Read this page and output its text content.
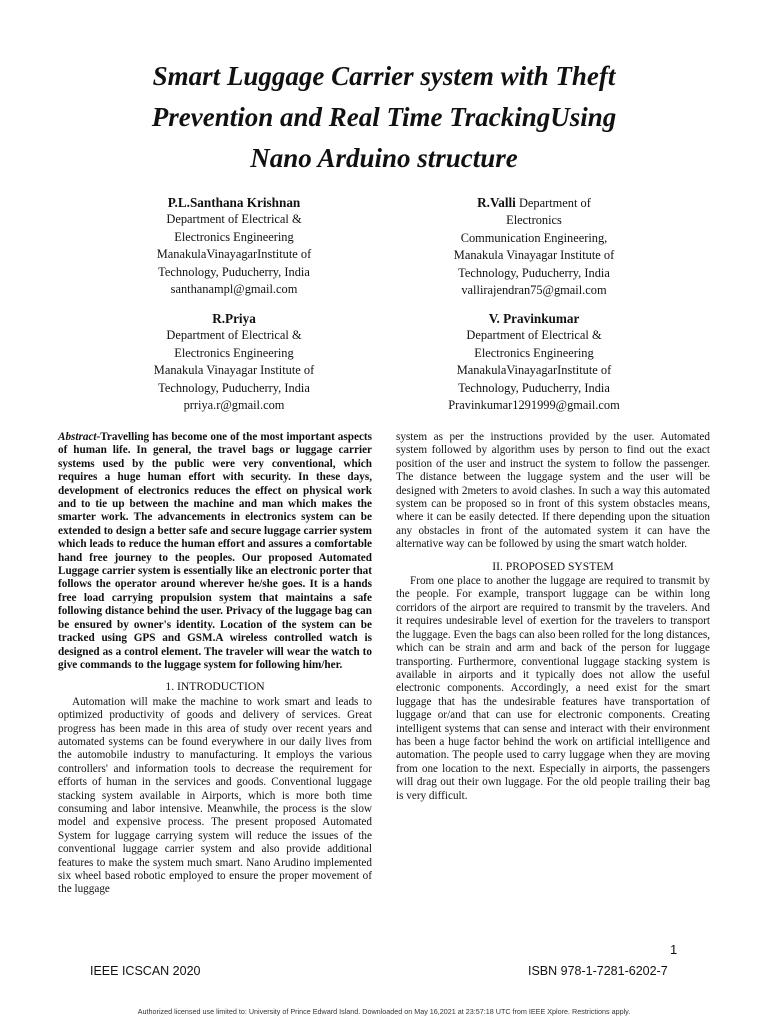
Smart Luggage Carrier system with Theft
Prevention and Real Time TrackingUsing
Nano Arduino structure
P.L.Santhana Krishnan
Department of Electrical &
Electronics Engineering
ManakulaVinayagarInstitute of
Technology, Puducherry, India
santhanampl@gmail.com
R.Valli Department of
Electronics
Communication Engineering,
Manakula Vinayagar Institute of
Technology, Puducherry, India
vallirajendran75@gmail.com
R.Priya
Department of Electrical &
Electronics Engineering
Manakula Vinayagar Institute of
Technology, Puducherry, India
prriya.r@gmail.com
V. Pravinkumar
Department of Electrical &
Electronics Engineering
ManakulaVinayagarInstitute of
Technology, Puducherry, India
Pravinkumar1291999@gmail.com

Abstract-Travelling has become one of the most important aspects of human life. In general, the travel bags or luggage carrier systems used by the public were very conventional, which requires a huge human effort with security. In these days, development of electronics reduces the effect on physical work and to tie up between the machine and man which makes the smarter work. The advancements in electronics system can be extended to design a better safe and secure luggage carrier system which leads to reduce the human effort and assures a comfortable hand free journey to the peoples. Our proposed Automated Luggage carrier system is essentially like an electronic porter that follows the operator around wherever he/she goes. It is a hands free load carrying propulsion system that maintains a safe following distance behind the user. Privacy of the luggage bag can be ensured by owner's identity. Location of the system can be tracked using GPS and GSM.A wireless controlled watch is designed as a control element. The traveler will wear the watch to give commands to the luggage system for following him/her.

1. INTRODUCTION

Automation will make the machine to work smart and leads to optimized productivity of goods and delivery of services. Great progress has been made in this area of study over recent years and automated systems can be found everywhere in our daily lives from the automobile industry to manufacturing. It employs the various controllers' and information tools to decrease the requirement for efforts of human in the services and goods. Conventional luggage stacking system available in Airports, which is more both time consuming and labor intensive. Meanwhile, the process is the slow model and expensive process. The present proposed Automated System for luggage carrying system will reduce the issues of the conventional luggage carrier system and also provide additional features to make the system much smart. Nano Arudino implemented six wheel based robotic employed to ensure the proper movement of the luggage

system as per the instructions provided by the user. Automated system followed by algorithm uses by person to find out the exact position of the user and instruct the system to follow the passenger. The distance between the luggage system and the user will be designed with 2meters to avoid clashes. In such a way this automated system can be proposed so in front of this system obstacles means, where it can be easily detected. If there depending upon the situation any obstacles in front of the automated system it can have the alternative way can be followed by using the smart watch holder.

II. PROPOSED SYSTEM

From one place to another the luggage are required to transmit by the people. For example, transport luggage can be within long corridors of the airport are required to transmit by the travelers. And it requires undesirable level of exertion for the travelers to transport the luggage. Even the bags can also been rolled for the long distances, which can be strain and arm and back of the person for luggage transporting. Furthermore, conventional luggage stacking system is available in airports and it typically does not allow the useful electronic components. Accordingly, a need exist for the smart luggage that has the undesirable features have transportation of luggage or/and that can use for electronic components. Creating intelligent systems that can sense and interact with their environment has been a huge factor behind the work on artificial intelligence and automation. The people used to carry luggage when they are moving from one location to the next. Especially in airports, the passengers will drag out their own luggage. For the old people trailing their bag is very difficult.

1
IEEE ICSCAN 2020	ISBN 978-1-7281-6202-7
Authorized licensed use limited to: University of Prince Edward Island. Downloaded on May 16,2021 at 23:57:18 UTC from IEEE Xplore. Restrictions apply.
